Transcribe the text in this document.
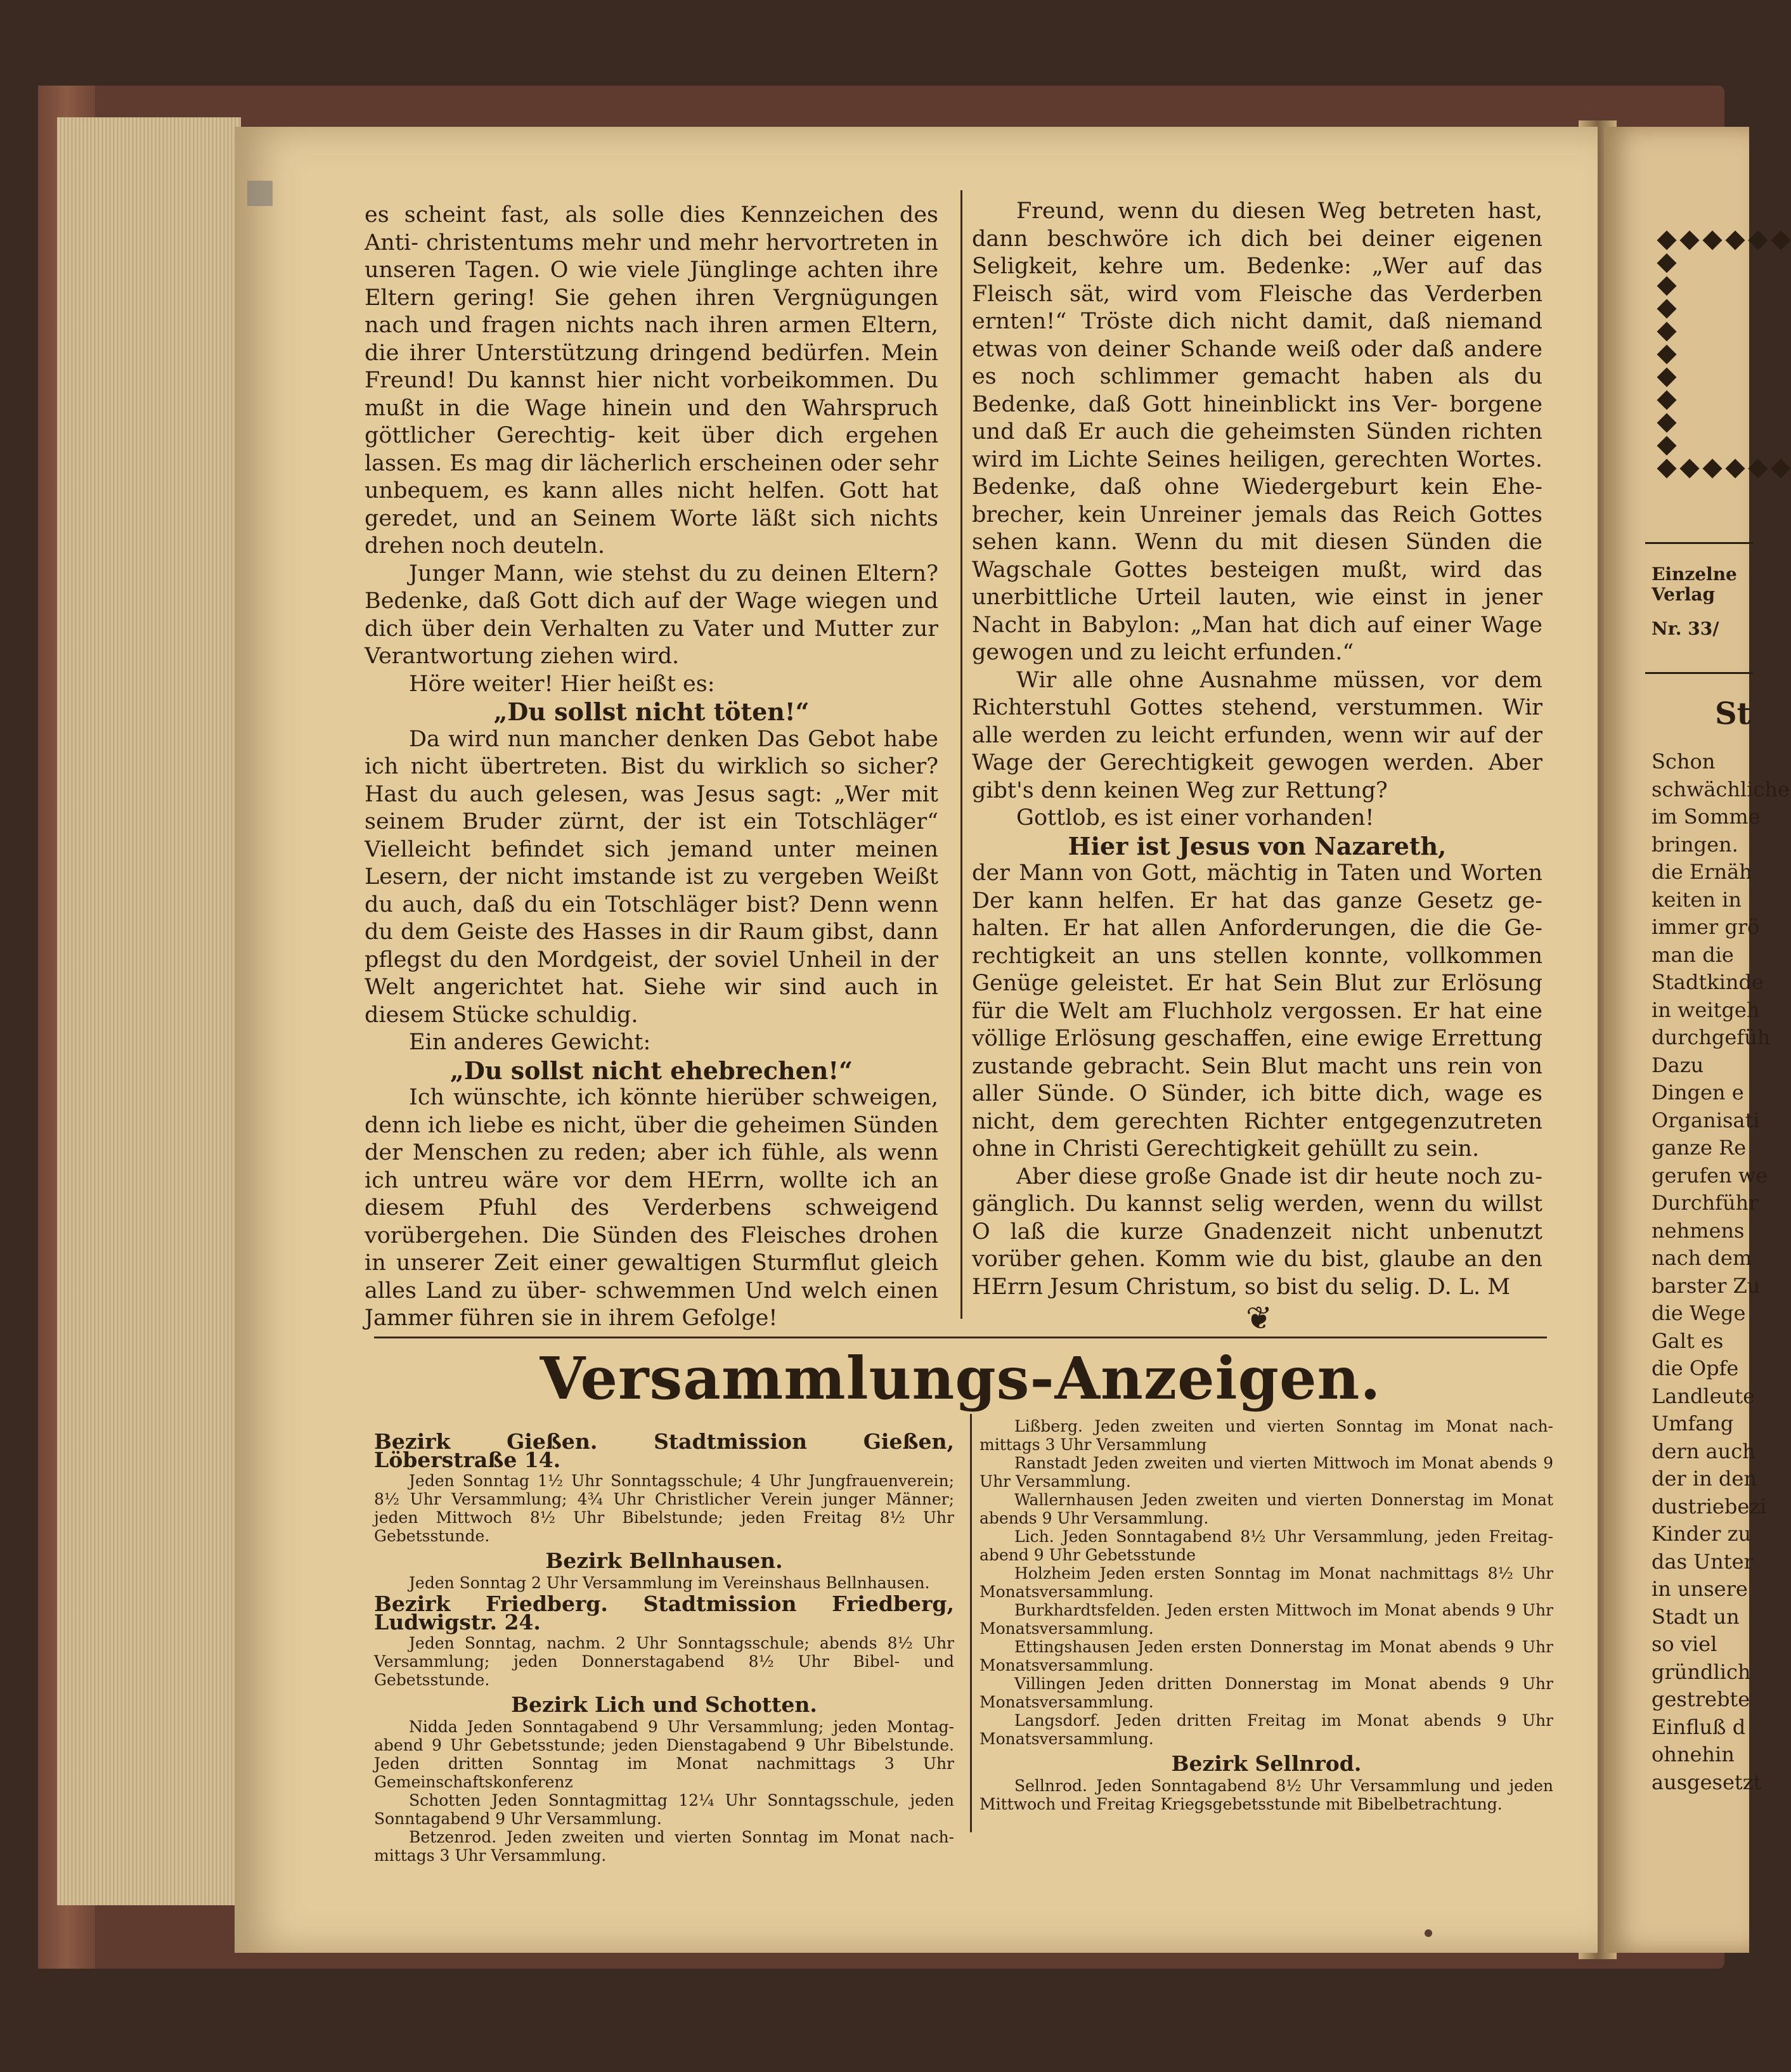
es scheint fast, als solle dies Kennzeichen des Anti- christentums mehr und mehr hervortreten in unseren Tagen. O wie viele Jünglinge achten ihre Eltern gering! Sie gehen ihren Vergnügungen nach und fragen nichts nach ihren armen Eltern, die ihrer Unterstützung dringend bedürfen. Mein Freund! Du kannst hier nicht vorbeikommen. Du mußt in die Wage hinein und den Wahrspruch göttlicher Gerechtig- keit über dich ergehen lassen. Es mag dir lächerlich erscheinen oder sehr unbequem, es kann alles nicht helfen. Gott hat geredet, und an Seinem Worte läßt sich nichts drehen noch deuteln.

Junger Mann, wie stehst du zu deinen Eltern? Bedenke, daß Gott dich auf der Wage wiegen und dich über dein Verhalten zu Vater und Mutter zur Verantwortung ziehen wird.

Höre weiter! Hier heißt es:

„Du sollst nicht töten!“

Da wird nun mancher denken Das Gebot habe ich nicht übertreten. Bist du wirklich so sicher? Hast du auch gelesen, was Jesus sagt: „Wer mit seinem Bruder zürnt, der ist ein Totschläger“ Vielleicht befindet sich jemand unter meinen Lesern, der nicht imstande ist zu vergeben Weißt du auch, daß du ein Totschläger bist? Denn wenn du dem Geiste des Hasses in dir Raum gibst, dann pflegst du den Mordgeist, der soviel Unheil in der Welt angerichtet hat. Siehe wir sind auch in diesem Stücke schuldig.

Ein anderes Gewicht:

„Du sollst nicht ehebrechen!“

Ich wünschte, ich könnte hierüber schweigen, denn ich liebe es nicht, über die geheimen Sünden der Menschen zu reden; aber ich fühle, als wenn ich untreu wäre vor dem HErrn, wollte ich an diesem Pfuhl des Verderbens schweigend vorübergehen. Die Sünden des Fleisches drohen in unserer Zeit einer gewaltigen Sturmflut gleich alles Land zu über- schwemmen Und welch einen Jammer führen sie in ihrem Gefolge!

Freund, wenn du diesen Weg betreten hast, dann beschwöre ich dich bei deiner eigenen Seligkeit, kehre um. Bedenke: „Wer auf das Fleisch sät, wird vom Fleische das Verderben ernten!“ Tröste dich nicht damit, daß niemand etwas von deiner Schande weiß oder daß andere es noch schlimmer gemacht haben als du Bedenke, daß Gott hineinblickt ins Ver- borgene und daß Er auch die geheimsten Sünden richten wird im Lichte Seines heiligen, gerechten Wortes. Bedenke, daß ohne Wiedergeburt kein Ehe- brecher, kein Unreiner jemals das Reich Gottes sehen kann. Wenn du mit diesen Sünden die Wagschale Gottes besteigen mußt, wird das unerbittliche Urteil lauten, wie einst in jener Nacht in Babylon: „Man hat dich auf einer Wage gewogen und zu leicht erfunden.“

Wir alle ohne Ausnahme müssen, vor dem Richterstuhl Gottes stehend, verstummen. Wir alle werden zu leicht erfunden, wenn wir auf der Wage der Gerechtigkeit gewogen werden. Aber gibt's denn keinen Weg zur Rettung?

Gottlob, es ist einer vorhanden!

Hier ist Jesus von Nazareth,

der Mann von Gott, mächtig in Taten und Worten Der kann helfen. Er hat das ganze Gesetz ge- halten. Er hat allen Anforderungen, die die Ge- rechtigkeit an uns stellen konnte, vollkommen Genüge geleistet. Er hat Sein Blut zur Erlösung für die Welt am Fluchholz vergossen. Er hat eine völlige Erlösung geschaffen, eine ewige Errettung zustande gebracht. Sein Blut macht uns rein von aller Sünde. O Sünder, ich bitte dich, wage es nicht, dem gerechten Richter entgegenzutreten ohne in Christi Gerechtigkeit gehüllt zu sein.

Aber diese große Gnade ist dir heute noch zu- gänglich. Du kannst selig werden, wenn du willst O laß die kurze Gnadenzeit nicht unbenutzt vorüber gehen. Komm wie du bist, glaube an den HErrn Jesum Christum, so bist du selig. D. L. M

❦
Versammlungs-Anzeigen.

Bezirk Gießen. Stadtmission Gießen, Löberstraße 14.

Jeden Sonntag 1½ Uhr Sonntagsschule; 4 Uhr Jungfrauenverein; 8½ Uhr Versammlung; 4¾ Uhr Christlicher Verein junger Männer; jeden Mittwoch 8½ Uhr Bibelstunde; jeden Freitag 8½ Uhr Gebetsstunde.

Bezirk Bellnhausen.

Jeden Sonntag 2 Uhr Versammlung im Vereinshaus Bellnhausen.

Bezirk Friedberg. Stadtmission Friedberg, Ludwigstr. 24.

Jeden Sonntag, nachm. 2 Uhr Sonntagsschule; abends 8½ Uhr Versammlung; jeden Donnerstagabend 8½ Uhr Bibel- und Gebetsstunde.

Bezirk Lich und Schotten.

Nidda Jeden Sonntagabend 9 Uhr Versammlung; jeden Montag- abend 9 Uhr Gebetsstunde; jeden Dienstagabend 9 Uhr Bibelstunde. Jeden dritten Sonntag im Monat nachmittags 3 Uhr Gemeinschaftskonferenz

Schotten Jeden Sonntagmittag 12¼ Uhr Sonntagsschule, jeden Sonntagabend 9 Uhr Versammlung.

Betzenrod. Jeden zweiten und vierten Sonntag im Monat nach- mittags 3 Uhr Versammlung.

Lißberg. Jeden zweiten und vierten Sonntag im Monat nach- mittags 3 Uhr Versammlung

Ranstadt Jeden zweiten und vierten Mittwoch im Monat abends 9 Uhr Versammlung.

Wallernhausen Jeden zweiten und vierten Donnerstag im Monat abends 9 Uhr Versammlung.

Lich. Jeden Sonntagabend 8½ Uhr Versammlung, jeden Freitag- abend 9 Uhr Gebetsstunde

Holzheim Jeden ersten Sonntag im Monat nachmittags 8½ Uhr Monatsversammlung.

Burkhardtsfelden. Jeden ersten Mittwoch im Monat abends 9 Uhr Monatsversammlung.

Ettingshausen Jeden ersten Donnerstag im Monat abends 9 Uhr Monatsversammlung.

Villingen Jeden dritten Donnerstag im Monat abends 9 Uhr Monatsversammlung.

Langsdorf. Jeden dritten Freitag im Monat abends 9 Uhr Monatsversammlung.

Bezirk Sellnrod.

Sellnrod. Jeden Sonntagabend 8½ Uhr Versammlung und jeden Mittwoch und Freitag Kriegsgebetsstunde mit Bibelbetrachtung.

Einzelne
Verlag
Nr. 33/
St
Schon
schwächliche
im Somme
bringen.
die Ernäh
keiten in
immer grö
man die
Stadtkinde
in weitgeh
durchgefüh
Dazu
Dingen e
Organisati
ganze Re
gerufen we
Durchführ
nehmens
nach dem
barster Zu
die Wege
Galt es
die Opfe
Landleute
Umfang
dern auch
der in den
dustriebezi
Kinder zu
das Unter
in unsere
Stadt un
so viel
gründlich
gestrebte
Einfluß d
ohnehin
ausgesetzt
